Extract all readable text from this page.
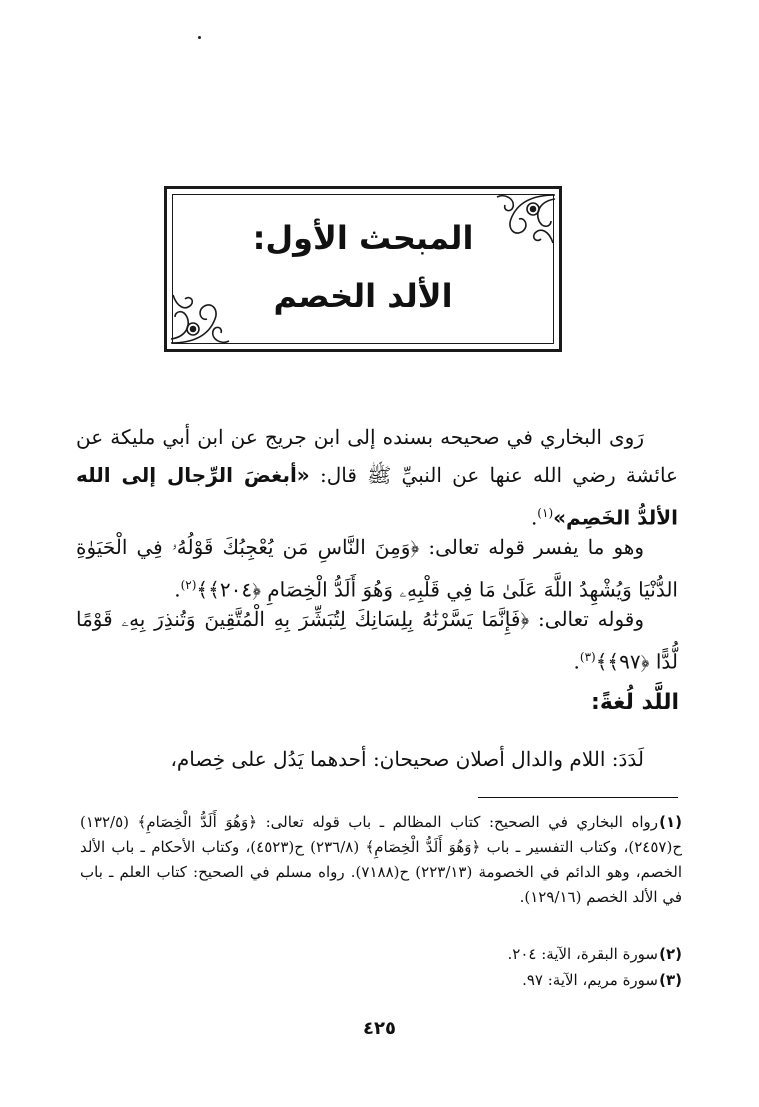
المبحث الأول:
الألد الخصم
رَوى البخاري في صحيحه بسنده إلى ابن جريج عن ابن أبي مليكة عن عائشة رضي الله عنها عن النبيِّ ﷺ قال: «أبغضَ الرِّجال إلى الله الألدُّ الخَصِم»$^{(١)}$.
وهو ما يفسر قوله تعالى: ﴿وَمِنَ النَّاسِ مَن يُعْجِبُكَ قَوْلُهُۥ فِي الْحَيَوٰةِ الدُّنْيَا وَيُشْهِدُ اللَّهَ عَلَىٰ مَا فِي قَلْبِهِۦ وَهُوَ أَلَدُّ الْخِصَامِ ﴿٢٠٤﴾﴾$^{(٢)}$.
وقوله تعالى: ﴿فَإِنَّمَا يَسَّرْنَٰهُ بِلِسَانِكَ لِتُبَشِّرَ بِهِ الْمُتَّقِينَ وَتُنذِرَ بِهِۦ قَوْمًا لُّدًّا ﴿٩٧﴾﴾$^{(٣)}$.
اللَّد لُغةً:
لَدَدَ: اللام والدال أصلان صحيحان: أحدهما يَدُل على خِصام،
(١)رواه البخاري في الصحيح: كتاب المظالم ـ باب قوله تعالى: ﴿وَهُوَ أَلَدُّ الْخِصَامِ﴾ (١٣٢/٥) ح(٢٤٥٧)، وكتاب التفسير ـ باب ﴿وَهُوَ أَلَدُّ الْخِصَامِ﴾ (٢٣٦/٨) ح(٤٥٢٣)، وكتاب الأحكام ـ باب الألد الخصم، وهو الدائم في الخصومة (٢٢٣/١٣) ح(٧١٨٨). رواه مسلم في الصحيح: كتاب العلم ـ باب في الألد الخصم (١٢٩/١٦).
(٢)سورة البقرة، الآية: ٢٠٤.
(٣)سورة مريم، الآية: ٩٧.
٤٢٥
